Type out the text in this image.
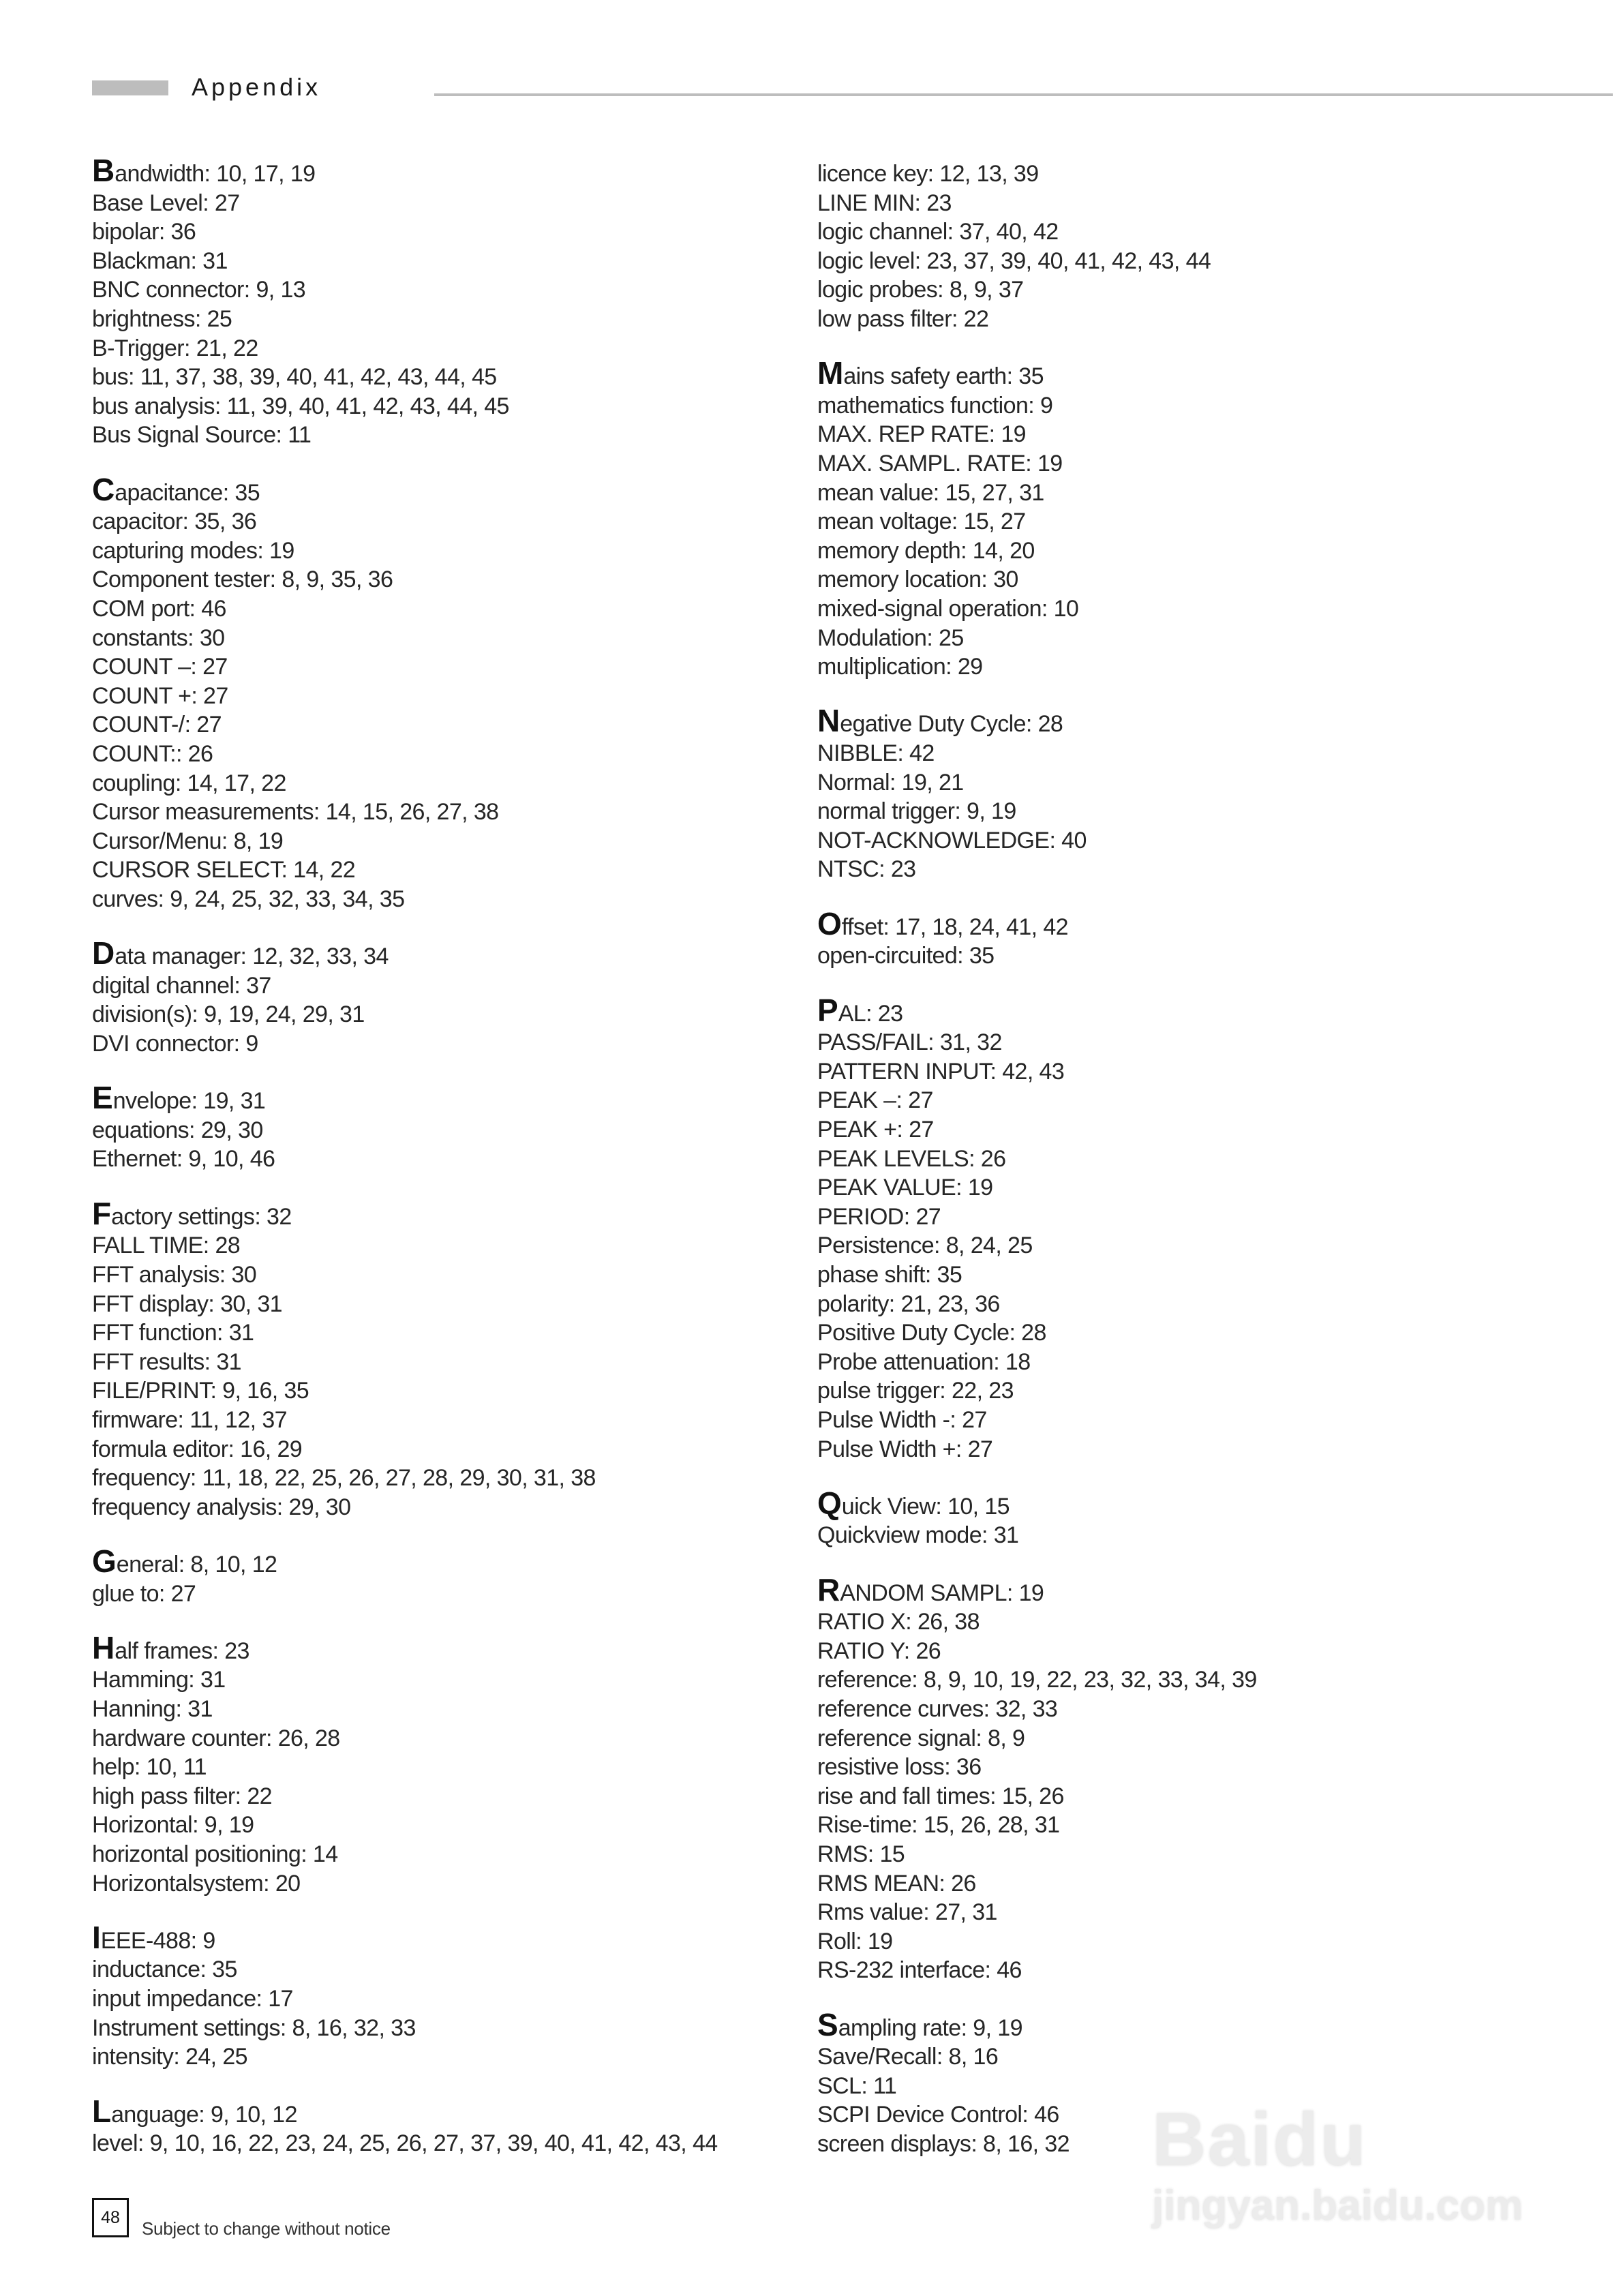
Appendix
Bandwidth: 10, 17, 19
Base Level: 27
bipolar: 36
Blackman: 31
BNC connector: 9, 13
brightness: 25
B-Trigger: 21, 22
bus: 11, 37, 38, 39, 40, 41, 42, 43, 44, 45
bus analysis: 11, 39, 40, 41, 42, 43, 44, 45
Bus Signal Source: 11
Capacitance: 35
capacitor: 35, 36
capturing modes: 19
Component tester: 8, 9, 35, 36
COM port: 46
constants: 30
COUNT –: 27
COUNT +: 27
COUNT-/: 27
COUNT:: 26
coupling: 14, 17, 22
Cursor measurements: 14, 15, 26, 27, 38
Cursor/Menu: 8, 19
CURSOR SELECT: 14, 22
curves: 9, 24, 25, 32, 33, 34, 35
Data manager: 12, 32, 33, 34
digital channel: 37
division(s): 9, 19, 24, 29, 31
DVI connector: 9
Envelope: 19, 31
equations: 29, 30
Ethernet: 9, 10, 46
Factory settings: 32
FALL TIME: 28
FFT analysis: 30
FFT display: 30, 31
FFT function: 31
FFT results: 31
FILE/PRINT: 9, 16, 35
firmware: 11, 12, 37
formula editor: 16, 29
frequency: 11, 18, 22, 25, 26, 27, 28, 29, 30, 31, 38
frequency analysis: 29, 30
General: 8, 10, 12
glue to: 27
Half frames: 23
Hamming: 31
Hanning: 31
hardware counter: 26, 28
help: 10, 11
high pass filter: 22
Horizontal: 9, 19
horizontal positioning: 14
Horizontalsystem: 20
IEEE-488: 9
inductance: 35
input impedance: 17
Instrument settings: 8, 16, 32, 33
intensity: 24, 25
Language: 9, 10, 12
level: 9, 10, 16, 22, 23, 24, 25, 26, 27, 37, 39, 40, 41, 42, 43, 44
licence key: 12, 13, 39
LINE MIN: 23
logic channel: 37, 40, 42
logic level: 23, 37, 39, 40, 41, 42, 43, 44
logic probes: 8, 9, 37
low pass filter: 22
Mains safety earth: 35
mathematics function: 9
MAX. REP RATE: 19
MAX. SAMPL. RATE: 19
mean value: 15, 27, 31
mean voltage: 15, 27
memory depth: 14, 20
memory location: 30
mixed-signal operation: 10
Modulation: 25
multiplication: 29
Negative Duty Cycle: 28
NIBBLE: 42
Normal: 19, 21
normal trigger: 9, 19
NOT-ACKNOWLEDGE: 40
NTSC: 23
Offset: 17, 18, 24, 41, 42
open-circuited: 35
PAL: 23
PASS/FAIL: 31, 32
PATTERN INPUT: 42, 43
PEAK –: 27
PEAK +: 27
PEAK LEVELS: 26
PEAK VALUE: 19
PERIOD: 27
Persistence: 8, 24, 25
phase shift: 35
polarity: 21, 23, 36
Positive Duty Cycle: 28
Probe attenuation: 18
pulse trigger: 22, 23
Pulse Width -: 27
Pulse Width +: 27
Quick View: 10, 15
Quickview mode: 31
RANDOM SAMPL: 19
RATIO X: 26, 38
RATIO Y: 26
reference: 8, 9, 10, 19, 22, 23, 32, 33, 34, 39
reference curves: 32, 33
reference signal: 8, 9
resistive loss: 36
rise and fall times: 15, 26
Rise-time: 15, 26, 28, 31
RMS: 15
RMS MEAN: 26
Rms value: 27, 31
Roll: 19
RS-232 interface: 46
Sampling rate: 9, 19
Save/Recall: 8, 16
SCL: 11
SCPI Device Control: 46
screen displays: 8, 16, 32
48
Subject to change without notice
Baidu
jingyan.baidu.com
